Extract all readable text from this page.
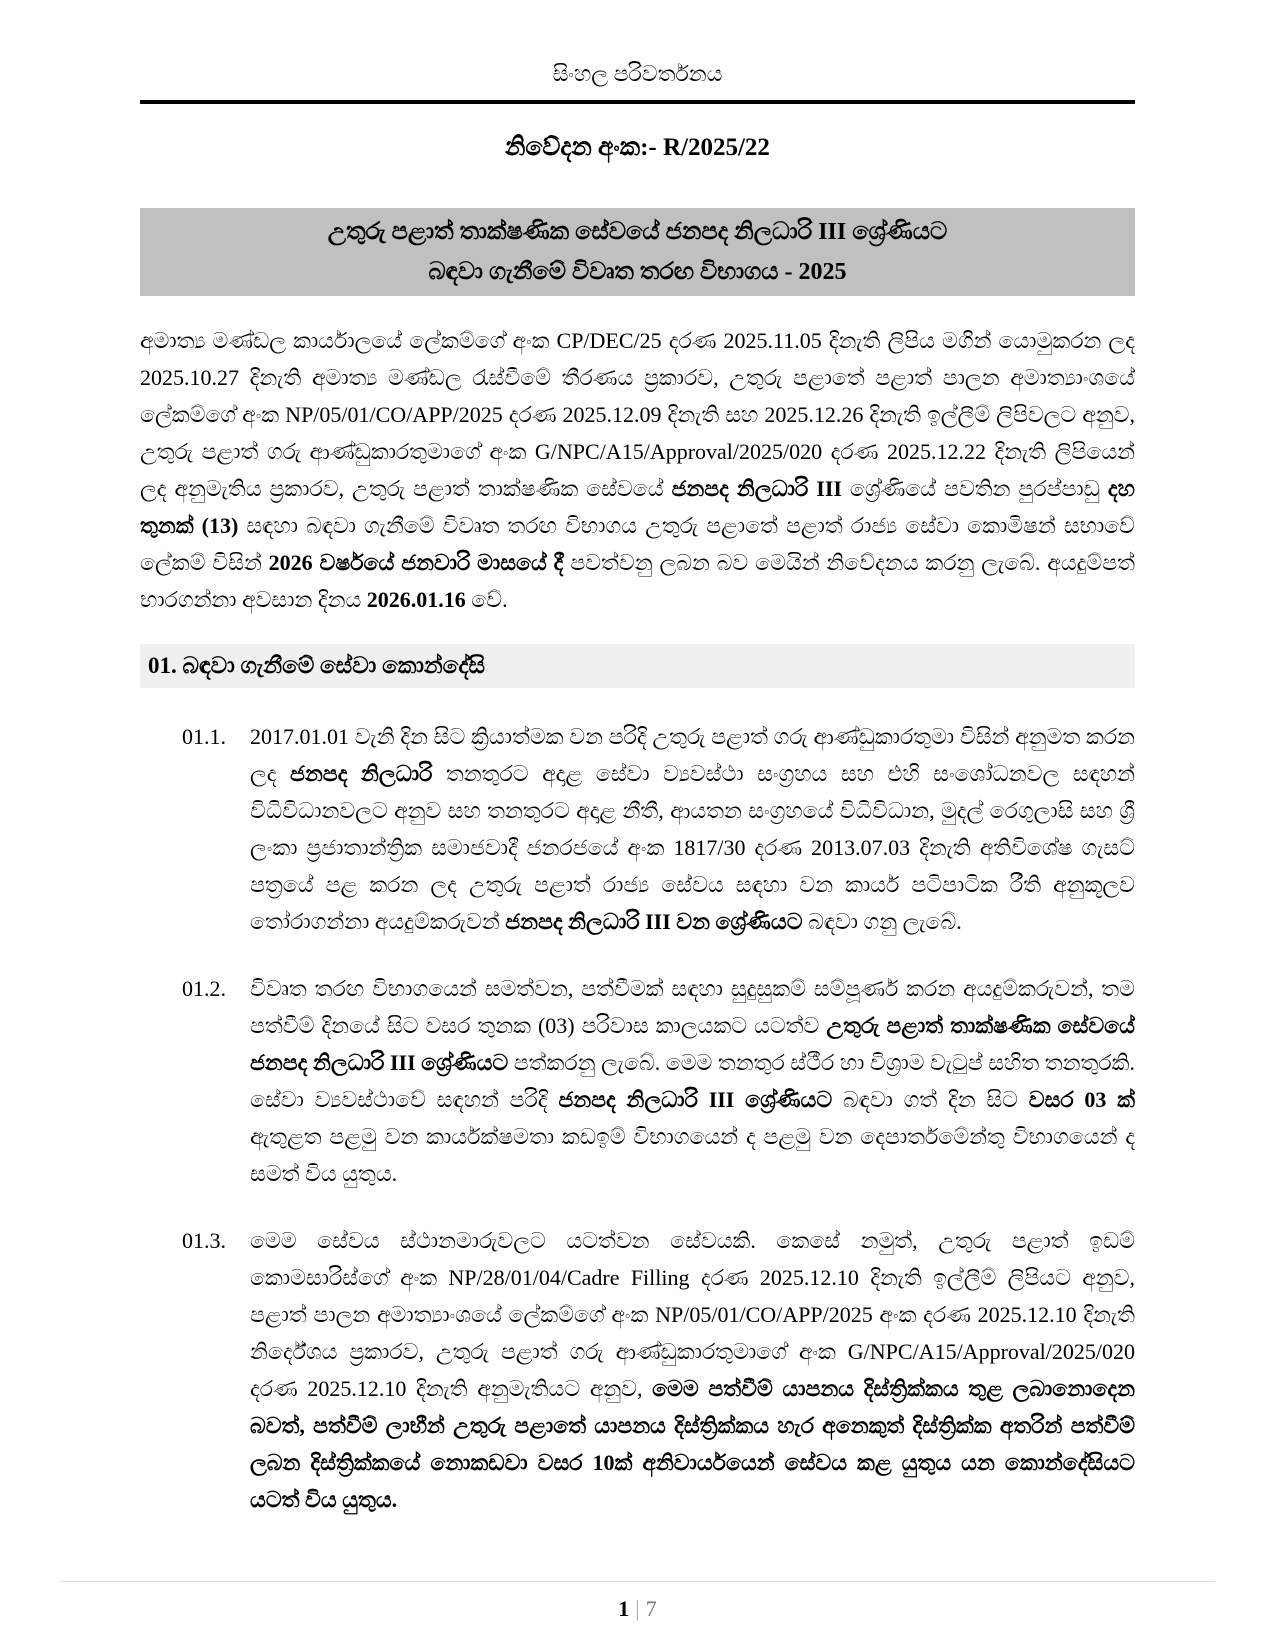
සිංහල පරිවර්තනය
නිවේදන අංක:- R/2025/22
උතුරු පළාත් තාක්ෂණික සේවයේ ජනපද නිලධාරි III ශ්‍රේණියට
බඳවා ගැනීමේ විවෘත තරඟ විභාගය - 2025

අමාත්‍ය මණ්ඩල කාර්යාලයේ ලේකම්ගේ අංක CP/DEC/25 දරණ 2025.11.05 දිනැති ලිපිය මගින් යොමුකරන ලද 2025.10.27 දිනැති අමාත්‍ය මණ්ඩල රැස්වීමේ තීරණය ප්‍රකාරව, උතුරු පළාතේ පළාත් පාලන අමාත්‍යාංශයේ ලේකම්ගේ අංක NP/05/01/CO/APP/2025 දරණ 2025.12.09 දිනැති සහ 2025.12.26 දිනැති ඉල්ලීම් ලිපිවලට අනුව, උතුරු පළාත් ගරු ආණ්ඩුකාරතුමාගේ අංක G/NPC/A15/Approval/2025/020 දරණ 2025.12.22 දිනැති ලිපියෙන් ලද අනුමැතිය ප්‍රකාරව, උතුරු පළාත් තාක්ෂණික සේවයේ ජනපද නිලධාරි III ශ්‍රේණියේ පවතින පුරප්පාඩු දහ තුනක් (13) සඳහා බඳවා ගැනීමේ විවෘත තරඟ විභාගය උතුරු පළාතේ පළාත් රාජ්‍ය සේවා කොමිෂන් සභාවේ ලේකම් විසින් 2026 වර්ෂයේ ජනවාරි මාසයේ දී පවත්වනු ලබන බව මෙයින් නිවේදනය කරනු ලැබේ. අයදුම්පත් භාරගන්නා අවසාන දිනය 2026.01.16 වේ.

01. බඳවා ගැනීමේ සේවා කොන්දේසි
01.1.	2017.01.01 වැනි දින සිට ක්‍රියාත්මක වන පරිදි උතුරු පළාත් ගරු ආණ්ඩුකාරතුමා විසින් අනුමත කරන ලද ජනපද නිලධාරි තනතුරට අදාළ සේවා ව්‍යවස්ථා සංග්‍රහය සහ එහි සංශෝධනවල සඳහන් විධිවිධානවලට අනුව සහ තනතුරට අදාළ නීතී, ආයතන සංග්‍රහයේ විධිවිධාන, මුදල් රෙගුලාසි සහ ශ්‍රී ලංකා ප්‍රජාතාන්ත්‍රික සමාජවාදී ජනරජයේ අංක 1817/30 දරණ 2013.07.03 දිනැති අතිවිශේෂ ගැසට් පත්‍රයේ පළ කරන ලද උතුරු පළාත් රාජ්‍ය සේවය සඳහා වන කාර්ය පටිපාටික රීති අනුකූලව තෝරාගන්නා අයදුම්කරුවන් ජනපද නිලධාරි III වන ශ්‍රේණියට බඳවා ගනු ලැබේ.
01.2.	විවෘත තරඟ විභාගයෙන් සමත්වන, පත්වීමක් සඳහා සුදුසුකම් සම්පූර්ණ කරන අයදුම්කරුවන්, තම පත්වීම් දිනයේ සිට වසර තුනක (03) පරිවාස කාලයකට යටත්ව උතුරු පළාත් තාක්ෂණික සේවයේ ජනපද නිලධාරි III ශ්‍රේණියට පත්කරනු ලැබේ. මෙම තනතුර ස්ථීර හා විශ්‍රාම වැටුප් සහිත තනතුරකි. සේවා ව්‍යවස්ථාවේ සඳහන් පරිදි ජනපද නිලධාරි III ශ්‍රේණියට බඳවා ගත් දින සිට වසර 03 ක් ඇතුළත පළමු වන කාර්යක්ෂමතා කඩඉම් විභාගයෙන් ද පළමු වන දෙපාර්තමේන්තු විභාගයෙන් ද සමත් විය යුතුය.
01.3.	මෙම සේවය ස්ථානමාරුවලට යටත්වන සේවයකි. කෙසේ නමුත්, උතුරු පළාත් ඉඩම් කොමසාරිස්ගේ අංක NP/28/01/04/Cadre Filling දරණ 2025.12.10 දිනැති ඉල්ලීම් ලිපියට අනුව, පළාත් පාලන අමාත්‍යාංශයේ ලේකම්ගේ අංක NP/05/01/CO/APP/2025 අංක දරණ 2025.12.10 දිනැති නිර්දේශය ප්‍රකාරව, උතුරු පළාත් ගරු ආණ්ඩුකාරතුමාගේ අංක G/NPC/A15/Approval/2025/020 දරණ 2025.12.10 දිනැති අනුමැතියට අනුව, මෙම පත්වීම් යාපනය දිස්ත්‍රික්කය තුළ ලබානොදෙන බවත්, පත්වීම් ලාභීන් උතුරු පළාතේ යාපනය දිස්ත්‍රික්කය හැර අනෙකුත් දිස්ත්‍රික්ක අතරින් පත්වීම් ලබන දිස්ත්‍රික්කයේ නොකඩවා වසර 10ක් අනිවාර්යයෙන් සේවය කළ යුතුය යන කොන්දේසියට යටත් විය යුතුය.
1 | 7
